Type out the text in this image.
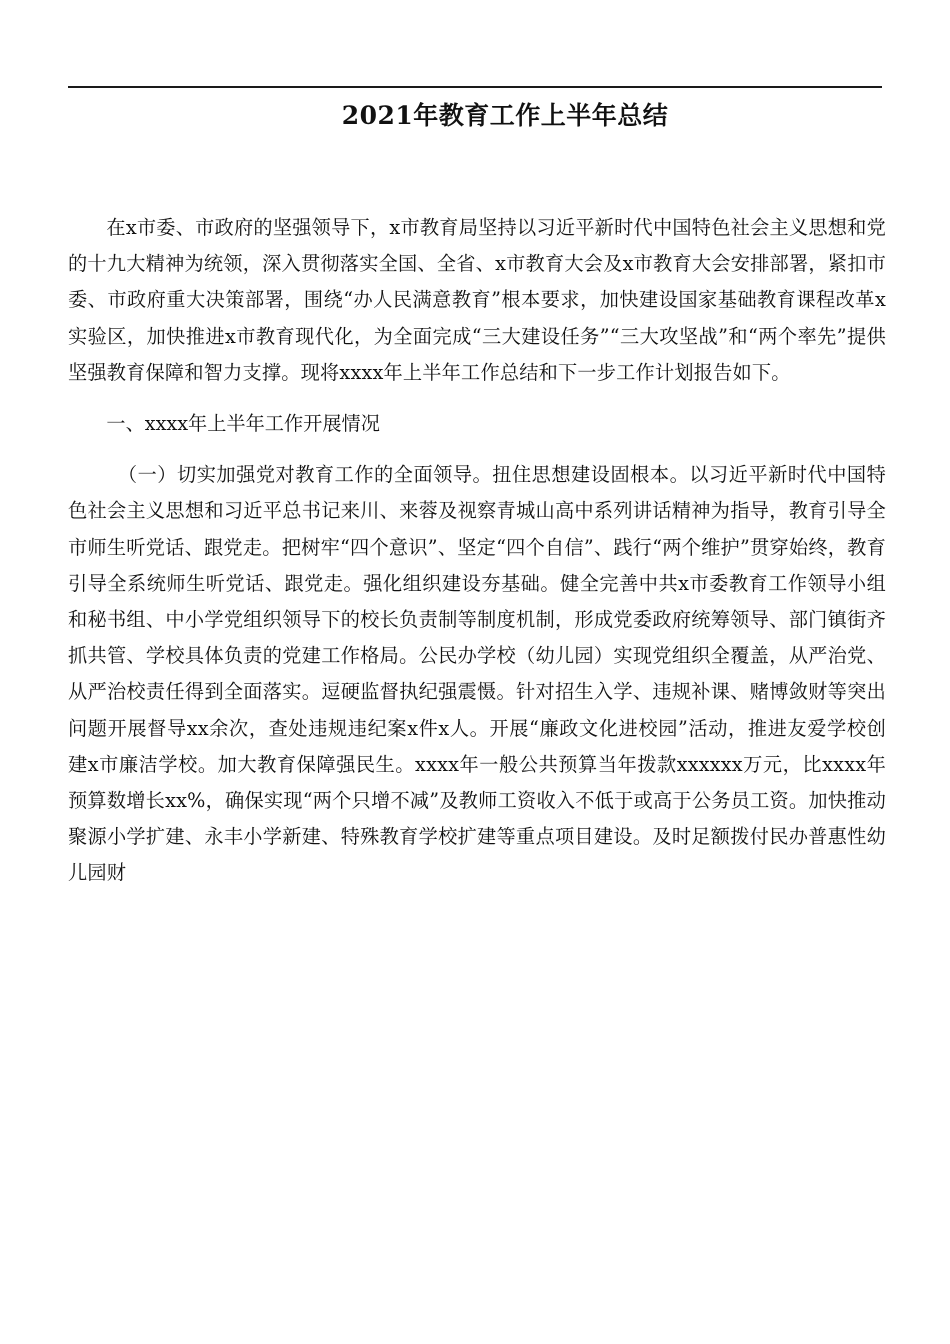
2021年教育工作上半年总结

在x市委、市政府的坚强领导下，x市教育局坚持以习近平新时代中国特色社会主义思想和党的十九大精神为统领，深入贯彻落实全国、全省、x市教育大会及x市教育大会安排部署，紧扣市委、市政府重大决策部署，围绕“办人民满意教育”根本要求，加快建设国家基础教育课程改革x实验区，加快推进x市教育现代化，为全面完成“三大建设任务”“三大攻坚战”和“两个率先”提供坚强教育保障和智力支撑。现将xxxx年上半年工作总结和下一步工作计划报告如下。

一、xxxx年上半年工作开展情况

（一）切实加强党对教育工作的全面领导。扭住思想建设固根本。以习近平新时代中国特色社会主义思想和习近平总书记来川、来蓉及视察青城山高中系列讲话精神为指导，教育引导全市师生听党话、跟党走。把树牢“四个意识”、坚定“四个自信”、践行“两个维护”贯穿始终，教育引导全系统师生听党话、跟党走。强化组织建设夯基础。健全完善中共x市委教育工作领导小组和秘书组、中小学党组织领导下的校长负责制等制度机制，形成党委政府统筹领导、部门镇街齐抓共管、学校具体负责的党建工作格局。公民办学校（幼儿园）实现党组织全覆盖，从严治党、从严治校责任得到全面落实。逗硬监督执纪强震慑。针对招生入学、违规补课、赌博敛财等突出问题开展督导xx余次，查处违规违纪案x件x人。开展“廉政文化进校园”活动，推进友爱学校创建x市廉洁学校。加大教育保障强民生。xxxx年一般公共预算当年拨款xxxxxx万元，比xxxx年预算数增长xx%，确保实现“两个只增不减”及教师工资收入不低于或高于公务员工资。加快推动聚源小学扩建、永丰小学新建、特殊教育学校扩建等重点项目建设。及时足额拨付民办普惠性幼儿园财
